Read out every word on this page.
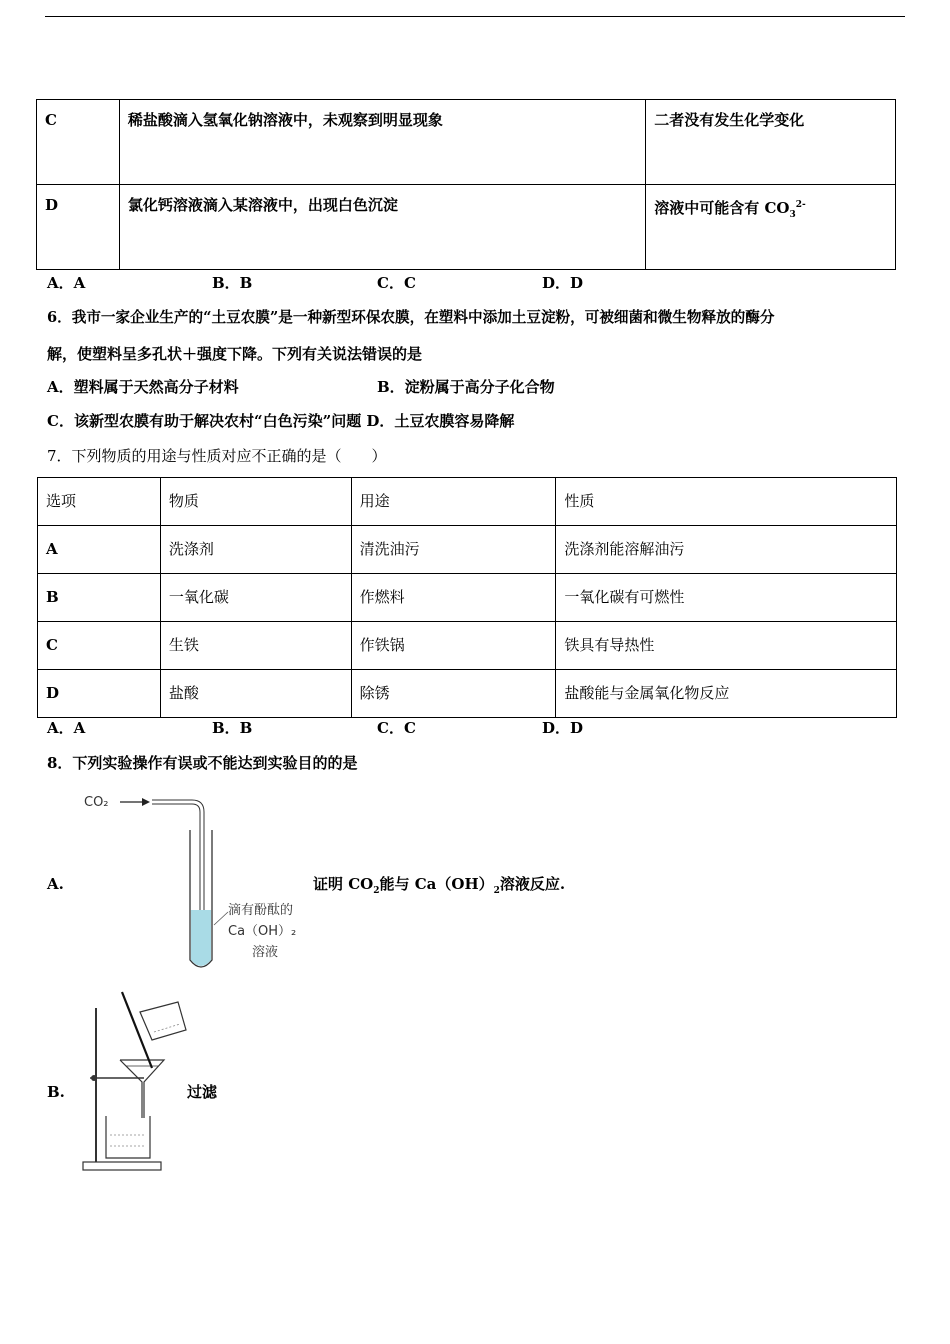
C	稀盐酸滴入氢氧化钠溶液中，未观察到明显现象	二者没有发生化学变化

D	氯化钙溶液滴入某溶液中，出现白色沉淀	溶液中可能含有 $CO_3^{2-}$
A．A	B．B	C．C	D．D
6．我市一家企业生产的“土豆农膜”是一种新型环保农膜，在塑料中添加土豆淀粉，可被细菌和微生物释放的酶分
解，使塑料呈多孔状＋强度下降。下列有关说法错误的是
A．塑料属于天然高分子材料	B．淀粉属于高分子化合物
C．该新型农膜有助于解决农村“白色污染”问题 D．土豆农膜容易降解
7．下列物质的用途与性质对应不正确的是（　　）
选项	物质	用途	性质

A	洗涤剂	清洗油污	洗涤剂能溶解油污

B	一氧化碳	作燃料	一氧化碳有可燃性

C	生铁	作铁锅	铁具有导热性

D	盐酸	除锈	盐酸能与金属氧化物反应
A．A	B．B	C．C	D．D
8．下列实验操作有误或不能达到实验目的的是
CO₂
滴有酚酞的
Ca（OH）₂
溶液
A.	证明 $CO_2$能与 $Ca(OH)_2$溶液反应.
B.	过滤
